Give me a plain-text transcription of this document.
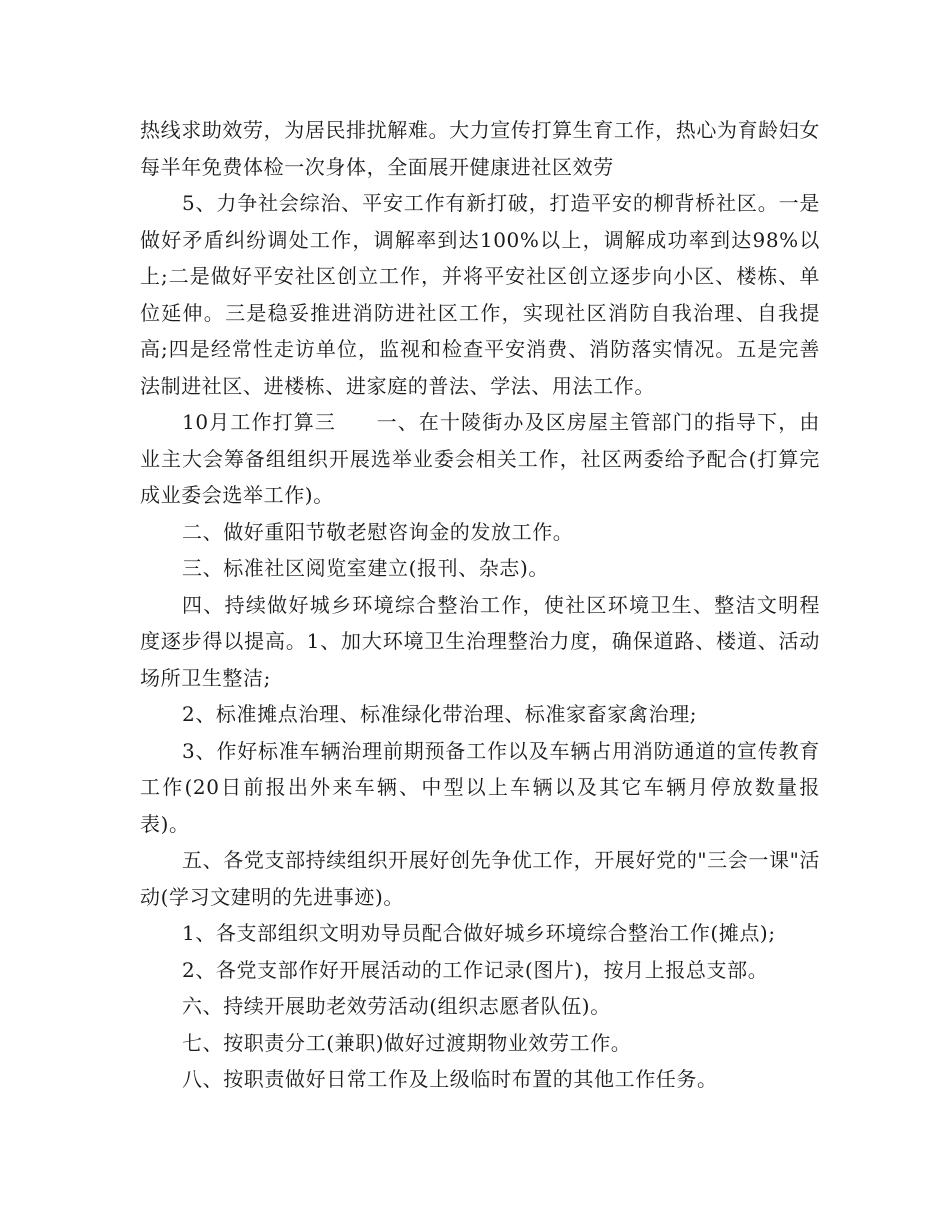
热线求助效劳，为居民排扰解难。大力宣传打算生育工作，热心为育龄妇女每半年免费体检一次身体，全面展开健康进社区效劳

5、力争社会综治、平安工作有新打破，打造平安的柳背桥社区。一是做好矛盾纠纷调处工作，调解率到达100%以上，调解成功率到达98%以上;二是做好平安社区创立工作，并将平安社区创立逐步向小区、楼栋、单位延伸。三是稳妥推进消防进社区工作，实现社区消防自我治理、自我提高;四是经常性走访单位，监视和检查平安消费、消防落实情况。五是完善法制进社区、进楼栋、进家庭的普法、学法、用法工作。

10月工作打算三 一、在十陵街办及区房屋主管部门的指导下，由业主大会筹备组组织开展选举业委会相关工作，社区两委给予配合(打算完成业委会选举工作)。

二、做好重阳节敬老慰咨询金的发放工作。

三、标准社区阅览室建立(报刊、杂志)。

四、持续做好城乡环境综合整治工作，使社区环境卫生、整洁文明程度逐步得以提高。1、加大环境卫生治理整治力度，确保道路、楼道、活动场所卫生整洁;

2、标准摊点治理、标准绿化带治理、标准家畜家禽治理;

3、作好标准车辆治理前期预备工作以及车辆占用消防通道的宣传教育工作(20日前报出外来车辆、中型以上车辆以及其它车辆月停放数量报表)。

五、各党支部持续组织开展好创先争优工作，开展好党的"三会一课"活动(学习文建明的先进事迹)。

1、各支部组织文明劝导员配合做好城乡环境综合整治工作(摊点);

2、各党支部作好开展活动的工作记录(图片)，按月上报总支部。

六、持续开展助老效劳活动(组织志愿者队伍)。

七、按职责分工(兼职)做好过渡期物业效劳工作。

八、按职责做好日常工作及上级临时布置的其他工作任务。
